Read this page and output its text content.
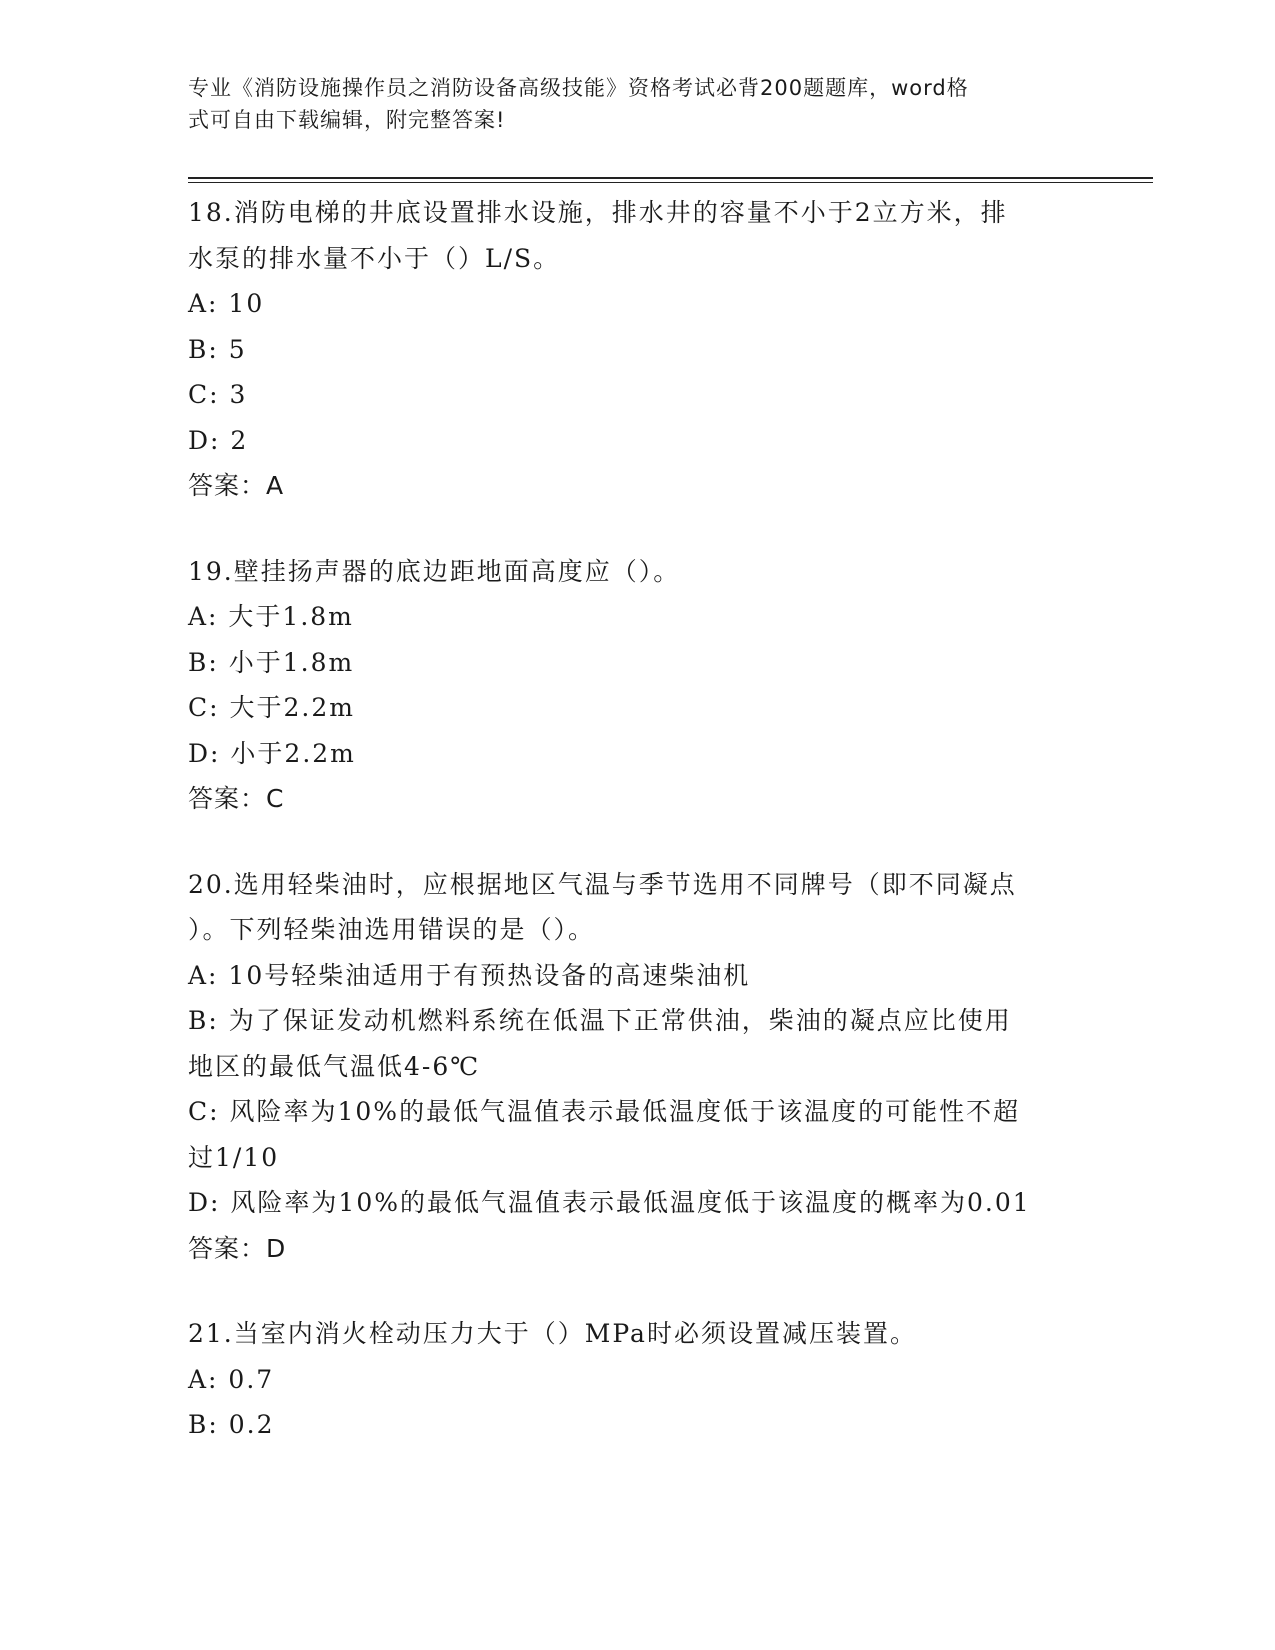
专业《消防设施操作员之消防设备高级技能》资格考试必背200题题库，word格
式可自由下载编辑，附完整答案!
18.消防电梯的井底设置排水设施，排水井的容量不小于2立方米，排
水泵的排水量不小于（）L/S。
A: 10
B: 5
C: 3
D: 2
答案：A
19.壁挂扬声器的底边距地面高度应（）。
A: 大于1.8m
B: 小于1.8m
C: 大于2.2m
D: 小于2.2m
答案：C
20.选用轻柴油时，应根据地区气温与季节选用不同牌号（即不同凝点
）。下列轻柴油选用错误的是（）。
A: 10号轻柴油适用于有预热设备的高速柴油机
B: 为了保证发动机燃料系统在低温下正常供油，柴油的凝点应比使用
地区的最低气温低4-6℃
C: 风险率为10%的最低气温值表示最低温度低于该温度的可能性不超
过1/10
D: 风险率为10%的最低气温值表示最低温度低于该温度的概率为0.01
答案：D
21.当室内消火栓动压力大于（）MPa时必须设置减压装置。
A: 0.7
B: 0.2
